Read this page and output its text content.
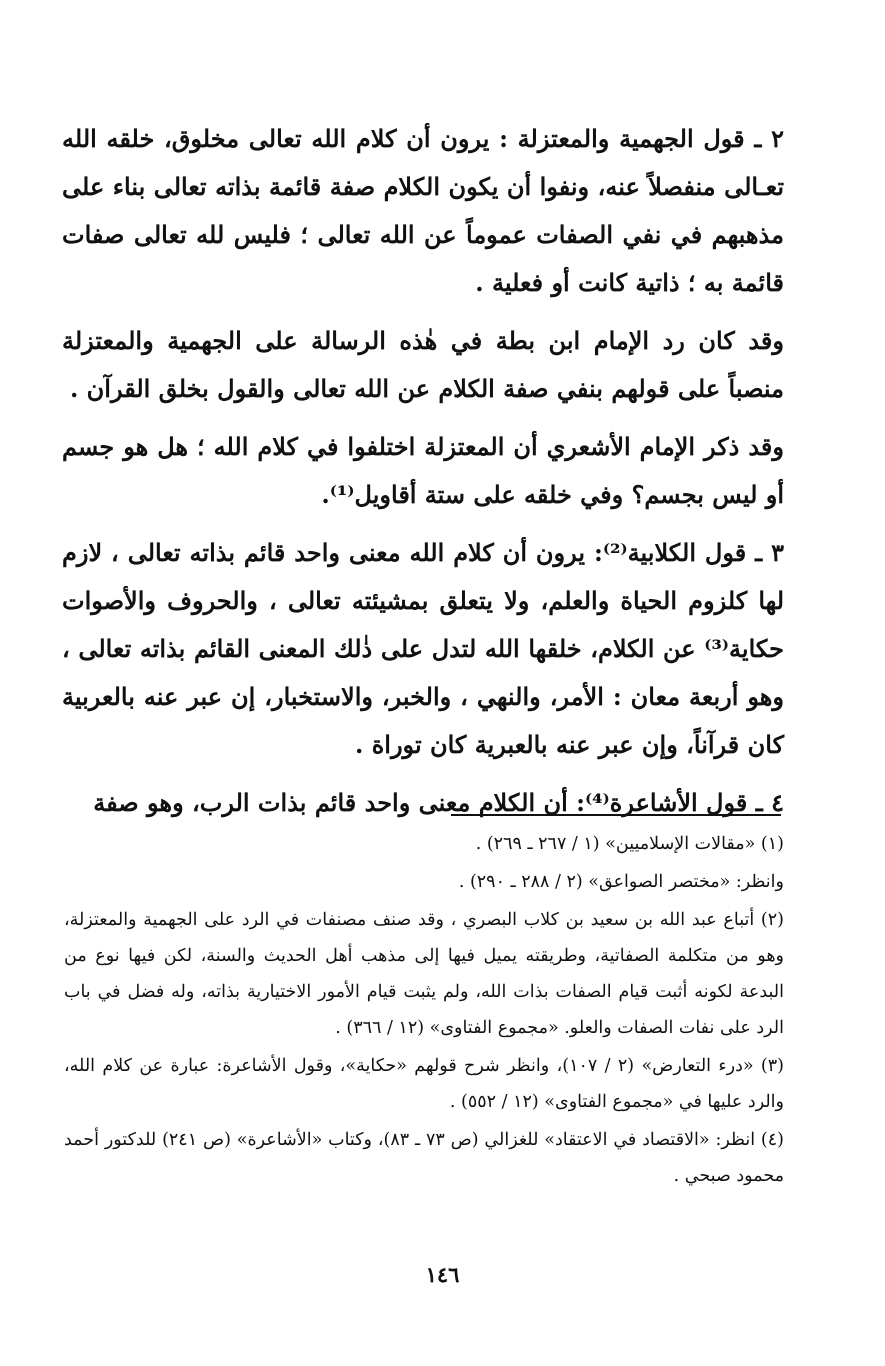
٢ ـ قول الجهمية والمعتزلة : يرون أن كلام الله تعالى مخلوق، خلقه الله تعـالى منفصلاً عنه، ونفوا أن يكون الكلام صفة قائمة بذاته تعالى بناء على مذهبهم في نفي الصفات عموماً عن الله تعالى ؛ فليس لله تعالى صفات قائمة به ؛ ذاتية كانت أو فعلية .

وقد كان رد الإمام ابن بطة في هٰذه الرسالة على الجهمية والمعتزلة منصباً على قولهم بنفي صفة الكلام عن الله تعالى والقول بخلق القرآن .

وقد ذكر الإمام الأشعري أن المعتزلة اختلفوا في كلام الله ؛ هل هو جسم أو ليس بجسم؟ وفي خلقه على ستة أقاويل⁽¹⁾.

٣ ـ قول الكلابية⁽²⁾: يرون أن كلام الله معنى واحد قائم بذاته تعالى ، لازم لها كلزوم الحياة والعلم، ولا يتعلق بمشيئته تعالى ، والحروف والأصوات حكاية⁽³⁾ عن الكلام، خلقها الله لتدل على ذٰلك المعنى القائم بذاته تعالى ، وهو أربعة معان : الأمر، والنهي ، والخبر، والاستخبار، إن عبر عنه بالعربية كان قرآناً، وإن عبر عنه بالعبرية كان توراة .

٤ ـ قول الأشاعرة⁽⁴⁾: أن الكلام معنى واحد قائم بذات الرب، وهو صفة

(١) «مقالات الإسلاميين» (١ / ٢٦٧ ـ ٢٦٩) .

وانظر: «مختصر الصواعق» (٢ / ٢٨٨ ـ ٢٩٠) .

(٢) أتباع عبد الله بن سعيد بن كلاب البصري ، وقد صنف مصنفات في الرد على الجهمية والمعتزلة، وهو من متكلمة الصفاتية، وطريقته يميل فيها إلى مذهب أهل الحديث والسنة، لكن فيها نوع من البدعة لكونه أثبت قيام الصفات بذات الله، ولم يثبت قيام الأمور الاختيارية بذاته، وله فضل في باب الرد على نفات الصفات والعلو. «مجموع الفتاوى» (١٢ / ٣٦٦) .

(٣) «درء التعارض» (٢ / ١٠٧)، وانظر شرح قولهم «حكاية»، وقول الأشاعرة: عبارة عن كلام الله، والرد عليها في «مجموع الفتاوى» (١٢ / ٥٥٢) .

(٤) انظر: «الاقتصاد في الاعتقاد» للغزالي (ص ٧٣ ـ ٨٣)، وكتاب «الأشاعرة» (ص ٢٤١) للدكتور أحمد محمود صبحي .

١٤٦
